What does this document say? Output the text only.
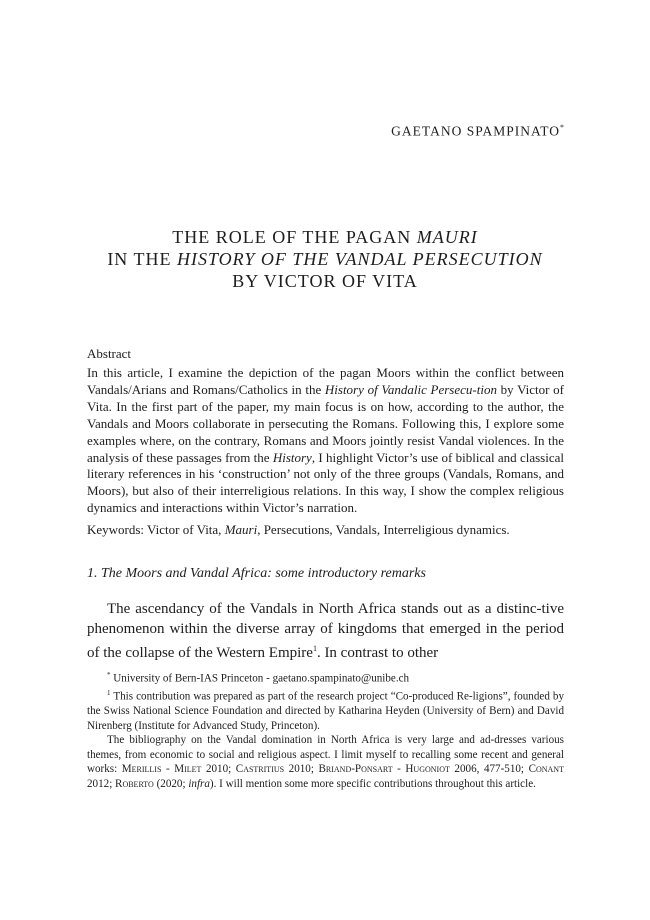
GAETANO SPAMPINATO*
THE ROLE OF THE PAGAN MAURI
IN THE HISTORY OF THE VANDAL PERSECUTION
BY VICTOR OF VITA
Abstract
In this article, I examine the depiction of the pagan Moors within the conflict between Vandals/Arians and Romans/Catholics in the History of Vandalic Persecu-tion by Victor of Vita. In the first part of the paper, my main focus is on how, according to the author, the Vandals and Moors collaborate in persecuting the Romans. Following this, I explore some examples where, on the contrary, Romans and Moors jointly resist Vandal violences. In the analysis of these passages from the History, I highlight Victor’s use of biblical and classical literary references in his ‘construction’ not only of the three groups (Vandals, Romans, and Moors), but also of their interreligious relations. In this way, I show the complex religious dynamics and interactions within Victor’s narration.
Keywords: Victor of Vita, Mauri, Persecutions, Vandals, Interreligious dynamics.
1. The Moors and Vandal Africa: some introductory remarks
The ascendancy of the Vandals in North Africa stands out as a distinc-tive phenomenon within the diverse array of kingdoms that emerged in the period of the collapse of the Western Empire$^1$. In contrast to other

* University of Bern-IAS Princeton - gaetano.spampinato@unibe.ch

$^1$ This contribution was prepared as part of the research project “Co-produced Re-ligions”, founded by the Swiss National Science Foundation and directed by Katharina Heyden (University of Bern) and David Nirenberg (Institute for Advanced Study, Princeton).

The bibliography on the Vandal domination in North Africa is very large and ad-dresses various themes, from economic to social and religious aspect. I limit myself to recalling some recent and general works: Merillis - Milet 2010; Castritius 2010; Briand-Ponsart - Hugoniot 2006, 477-510; Conant 2012; Roberto (2020; infra). I will mention some more specific contributions throughout this article.
